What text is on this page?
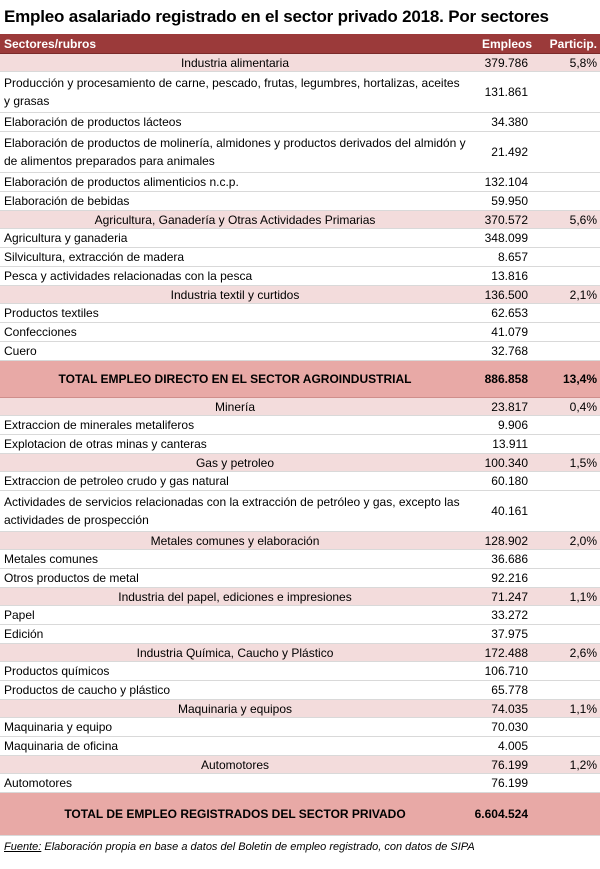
Empleo asalariado registrado en el sector privado 2018. Por sectores
Sectores/rubros	Empleos	Particip.
Industria alimentaria	379.786	5,8%
Producción y procesamiento de carne, pescado, frutas, legumbres, hortalizas, aceites y grasas	131.861	
Elaboración de productos lácteos	34.380	
Elaboración de productos de molinería, almidones y productos derivados del almidón y de alimentos preparados para animales	21.492	
Elaboración de productos alimenticios n.c.p.	132.104	
Elaboración de bebidas	59.950	
Agricultura, Ganadería y Otras Actividades Primarias	370.572	5,6%
Agricultura y ganaderia	348.099	
Silvicultura, extracción de madera	8.657	
Pesca y actividades relacionadas con la pesca	13.816	
Industria textil y curtidos	136.500	2,1%
Productos textiles	62.653	
Confecciones	41.079	
Cuero	32.768	
TOTAL EMPLEO DIRECTO EN EL SECTOR AGROINDUSTRIAL	886.858	13,4%
Minería	23.817	0,4%
Extraccion de minerales metaliferos	9.906	
Explotacion de otras minas y canteras	13.911	
Gas y petroleo	100.340	1,5%
Extraccion de petroleo crudo y gas natural	60.180	
Actividades de servicios relacionadas con la extracción de petróleo y gas, excepto las actividades de prospección	40.161	
Metales comunes y elaboración	128.902	2,0%
Metales comunes	36.686	
Otros productos de metal	92.216	
Industria del papel, ediciones e impresiones	71.247	1,1%
Papel	33.272	
Edición	37.975	
Industria Química, Caucho y Plástico	172.488	2,6%
Productos químicos	106.710	
Productos de caucho y plástico	65.778	
Maquinaria y equipos	74.035	1,1%
Maquinaria y equipo	70.030	
Maquinaria de oficina	4.005	
Automotores	76.199	1,2%
Automotores	76.199	
TOTAL DE EMPLEO REGISTRADOS DEL SECTOR PRIVADO	6.604.524	
Fuente: Elaboración propia en base a datos del Boletin de empleo registrado, con datos de SIPA
